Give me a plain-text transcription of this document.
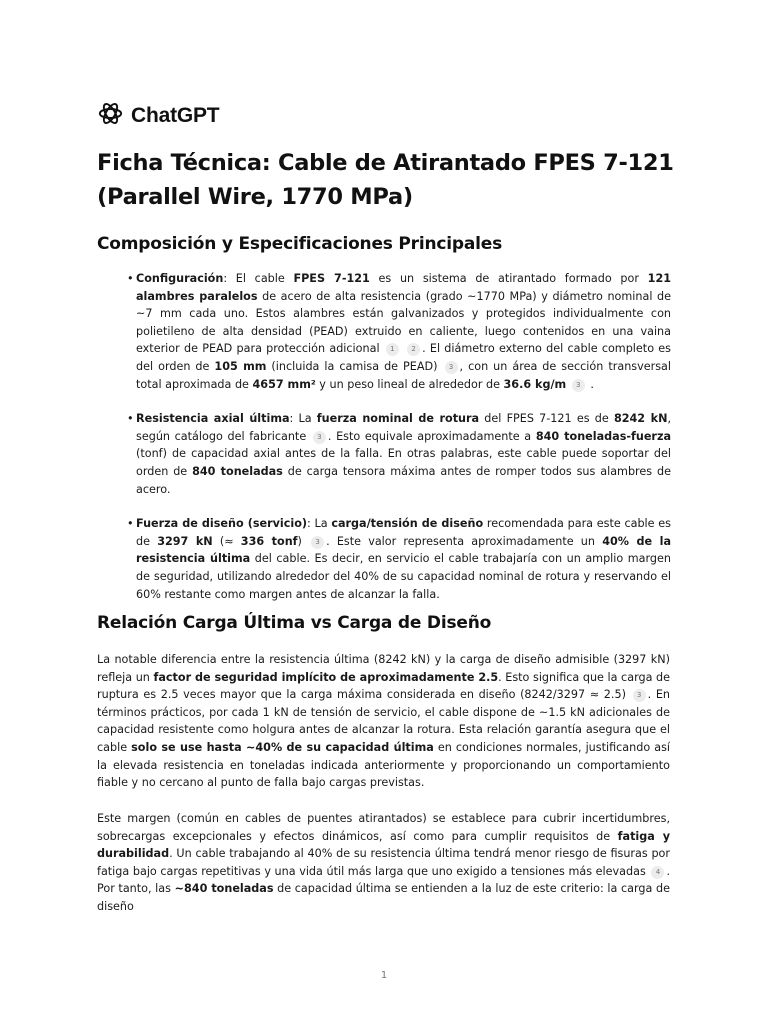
ChatGPT
Ficha Técnica: Cable de Atirantado FPES 7-121
(Parallel Wire, 1770 MPa)
Composición y Especificaciones Principales
• Configuración: El cable FPES 7-121 es un sistema de atirantado formado por 121 alambres paralelos de acero de alta resistencia (grado ~1770 MPa) y diámetro nominal de ~7 mm cada uno. Estos alambres están galvanizados y protegidos individualmente con polietileno de alta densidad (PEAD) extruido en caliente, luego contenidos en una vaina exterior de PEAD para protección adicional 1 2 . El diámetro externo del cable completo es del orden de 105 mm (incluida la camisa de PEAD) 3 , con un área de sección transversal total aproximada de 4657 mm² y un peso lineal de alrededor de 36.6 kg/m 3 .
• Resistencia axial última: La fuerza nominal de rotura del FPES 7-121 es de 8242 kN, según catálogo del fabricante 3 . Esto equivale aproximadamente a 840 toneladas-fuerza (tonf) de capacidad axial antes de la falla. En otras palabras, este cable puede soportar del orden de 840 toneladas de carga tensora máxima antes de romper todos sus alambres de acero.
• Fuerza de diseño (servicio): La carga/tensión de diseño recomendada para este cable es de 3297 kN (≈ 336 tonf) 3 . Este valor representa aproximadamente un 40% de la resistencia última del cable. Es decir, en servicio el cable trabajaría con un amplio margen de seguridad, utilizando alrededor del 40% de su capacidad nominal de rotura y reservando el 60% restante como margen antes de alcanzar la falla.
Relación Carga Última vs Carga de Diseño

La notable diferencia entre la resistencia última (8242 kN) y la carga de diseño admisible (3297 kN) refleja un factor de seguridad implícito de aproximadamente 2.5. Esto significa que la carga de ruptura es 2.5 veces mayor que la carga máxima considerada en diseño (8242/3297 ≈ 2.5) 3 . En términos prácticos, por cada 1 kN de tensión de servicio, el cable dispone de ~1.5 kN adicionales de capacidad resistente como holgura antes de alcanzar la rotura. Esta relación garantía asegura que el cable solo se use hasta ~40% de su capacidad última en condiciones normales, justificando así la elevada resistencia en toneladas indicada anteriormente y proporcionando un comportamiento fiable y no cercano al punto de falla bajo cargas previstas.

Este margen (común en cables de puentes atirantados) se establece para cubrir incertidumbres, sobrecargas excepcionales y efectos dinámicos, así como para cumplir requisitos de fatiga y durabilidad. Un cable trabajando al 40% de su resistencia última tendrá menor riesgo de fisuras por fatiga bajo cargas repetitivas y una vida útil más larga que uno exigido a tensiones más elevadas 4 . Por tanto, las ~840 toneladas de capacidad última se entienden a la luz de este criterio: la carga de diseño

1
